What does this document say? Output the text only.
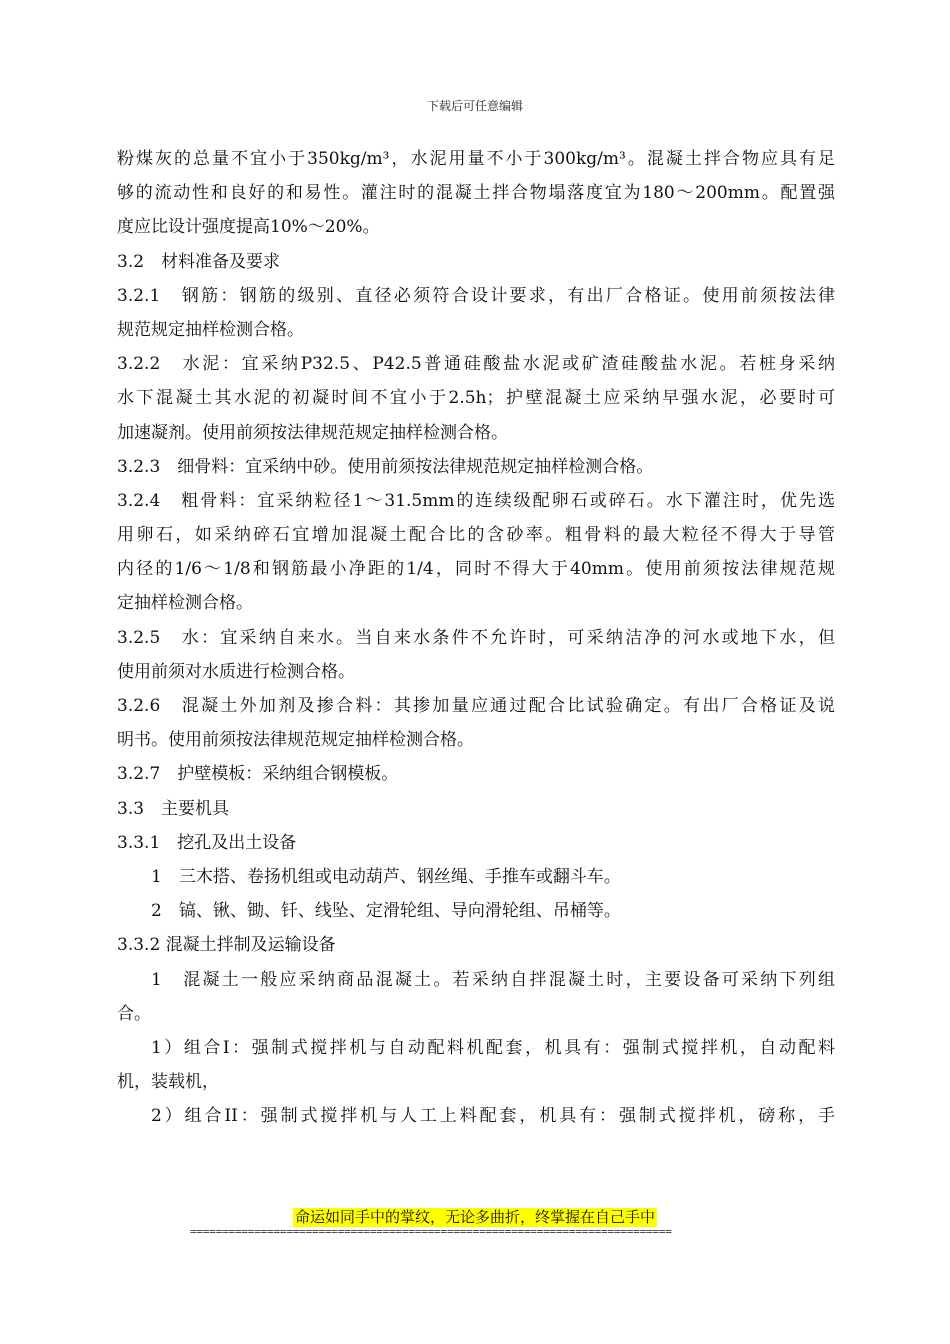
下载后可任意编辑
粉煤灰的总量不宜小于350kg/m³，水泥用量不小于300kg/m³。混凝土拌合物应具有足
够的流动性和良好的和易性。灌注时的混凝土拌合物塌落度宜为180～200mm。配置强
度应比设计强度提高10%～20%。
3.2　材料准备及要求
3.2.1　钢筋：钢筋的级别、直径必须符合设计要求，有出厂合格证。使用前须按法律
规范规定抽样检测合格。
3.2.2　水泥：宜采纳P32.5、P42.5普通硅酸盐水泥或矿渣硅酸盐水泥。若桩身采纳
水下混凝土其水泥的初凝时间不宜小于2.5h；护壁混凝土应采纳早强水泥，必要时可
加速凝剂。使用前须按法律规范规定抽样检测合格。
3.2.3　细骨料：宜采纳中砂。使用前须按法律规范规定抽样检测合格。
3.2.4　粗骨料：宜采纳粒径1～31.5mm的连续级配卵石或碎石。水下灌注时，优先选
用卵石，如采纳碎石宜增加混凝土配合比的含砂率。粗骨料的最大粒径不得大于导管
内径的1/6～1/8和钢筋最小净距的1/4，同时不得大于40mm。使用前须按法律规范规
定抽样检测合格。
3.2.5　水：宜采纳自来水。当自来水条件不允许时，可采纳洁净的河水或地下水，但
使用前须对水质进行检测合格。
3.2.6　混凝土外加剂及掺合料：其掺加量应通过配合比试验确定。有出厂合格证及说
明书。使用前须按法律规范规定抽样检测合格。
3.2.7　护壁模板：采纳组合钢模板。
3.3　主要机具
3.3.1　挖孔及出土设备
1　三木搭、卷扬机组或电动葫芦、钢丝绳、手推车或翻斗车。
2　镐、锹、锄、钎、线坠、定滑轮组、导向滑轮组、吊桶等。
3.3.2 混凝土拌制及运输设备
1　混凝土一般应采纳商品混凝土。若采纳自拌混凝土时，主要设备可采纳下列组
合。
1）组合I：强制式搅拌机与自动配料机配套，机具有：强制式搅拌机，自动配料
机，装载机，
2）组合II：强制式搅拌机与人工上料配套，机具有：强制式搅拌机，磅称，手
命运如同手中的掌纹，无论多曲折，终掌握在自己手中
===========================================================================
